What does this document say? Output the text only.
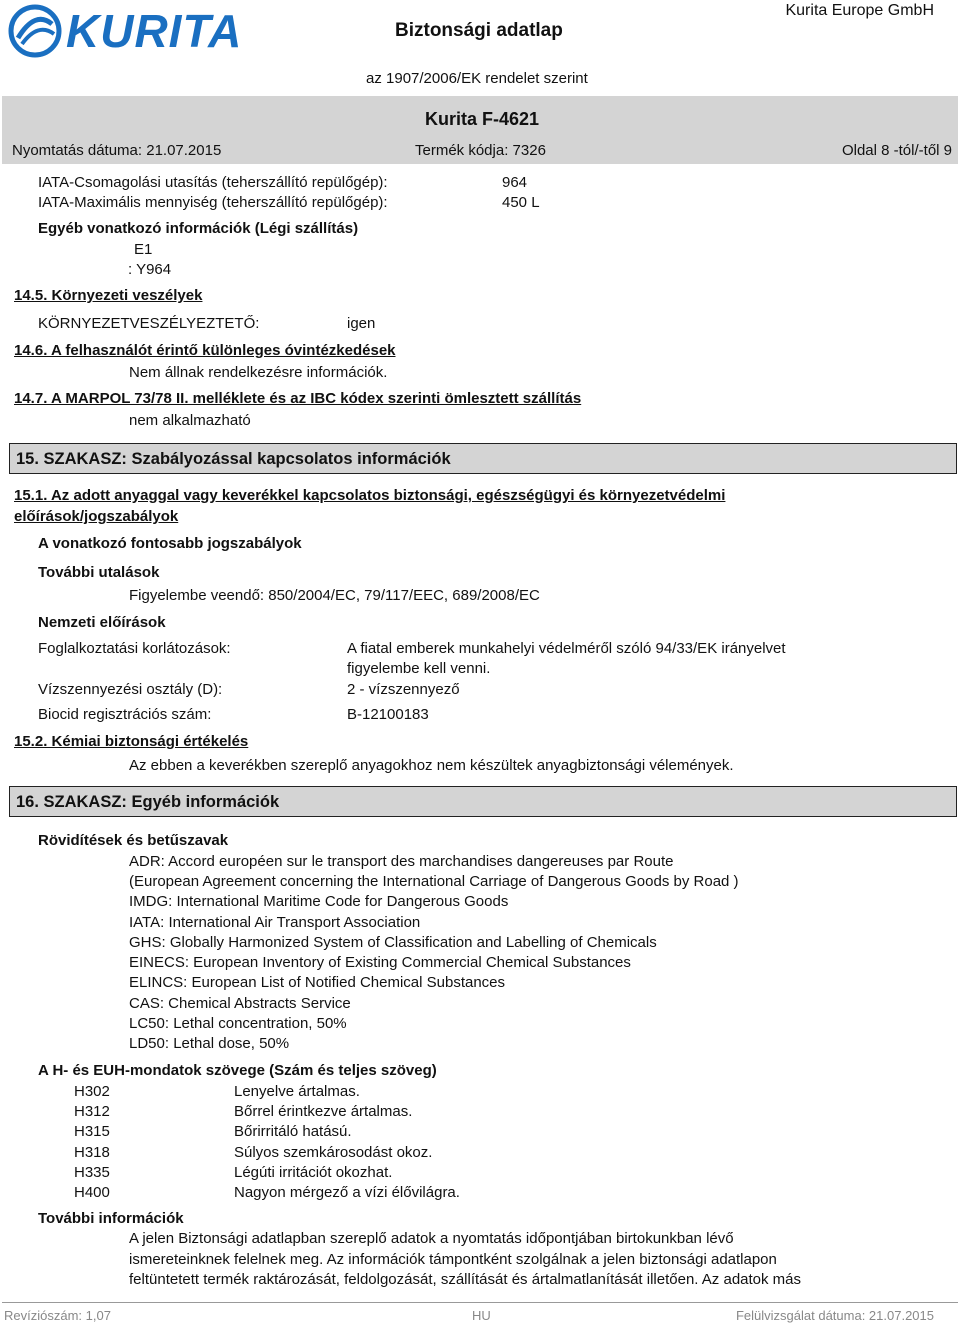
KURITA	Biztonsági adatlap
Kurita Europe GmbH
az 1907/2006/EK rendelet szerint
Kurita F-4621
Nyomtatás dátuma: 21.07.2015	Termék kódja: 7326	Oldal 8 -tól/-től 9
IATA-Csomagolási utasítás (teherszállító repülőgép):	964
IATA-Maximális mennyiség (teherszállító repülőgép):	450 L
Egyéb vonatkozó információk (Légi szállítás)
E1
: Y964
14.5. Környezeti veszélyek
KÖRNYEZETVESZÉLYEZTETŐ:	igen
14.6. A felhasználót érintő különleges óvintézkedések
Nem állnak rendelkezésre információk.
14.7. A MARPOL 73/78 II. melléklete és az IBC kódex szerinti ömlesztett szállítás
nem alkalmazható
15. SZAKASZ: Szabályozással kapcsolatos információk
15.1. Az adott anyaggal vagy keverékkel kapcsolatos biztonsági, egészségügyi és környezetvédelmi
előírások/jogszabályok
A vonatkozó fontosabb jogszabályok
További utalások
Figyelembe veendő: 850/2004/EC, 79/117/EEC, 689/2008/EC
Nemzeti előírások
Foglalkoztatási korlátozások:	A fiatal emberek munkahelyi védelméről szóló 94/33/EK irányelvet
figyelembe kell venni.
Vízszennyezési osztály (D):	2 - vízszennyező
Biocid regisztrációs szám:	B-12100183
15.2. Kémiai biztonsági értékelés
Az ebben a keverékben szereplő anyagokhoz nem készültek anyagbiztonsági vélemények.
16. SZAKASZ: Egyéb információk
Rövidítések és betűszavak
ADR: Accord européen sur le transport des marchandises dangereuses par Route
(European Agreement concerning the International Carriage of Dangerous Goods by Road )
IMDG: International Maritime Code for Dangerous Goods
IATA: International Air Transport Association
GHS: Globally Harmonized System of Classification and Labelling of Chemicals
EINECS: European Inventory of Existing Commercial Chemical Substances
ELINCS: European List of Notified Chemical Substances
CAS: Chemical Abstracts Service
LC50: Lethal concentration, 50%
LD50: Lethal dose, 50%
A H- és EUH-mondatok szövege (Szám és teljes szöveg)
H302	Lenyelve ártalmas.
H312	Bőrrel érintkezve ártalmas.
H315	Bőrirritáló hatású.
H318	Súlyos szemkárosodást okoz.
H335	Légúti irritációt okozhat.
H400	Nagyon mérgező a vízi élővilágra.
További információk
A jelen Biztonsági adatlapban szereplő adatok a nyomtatás időpontjában birtokunkban lévő
ismereteinknek felelnek meg. Az információk támpontként szolgálnak a jelen biztonsági adatlapon
feltüntetett termék raktározását, feldolgozását, szállítását és ártalmatlanítását illetően. Az adatok más
Revíziószám: 1,07	HU	Felülvizsgálat dátuma: 21.07.2015
